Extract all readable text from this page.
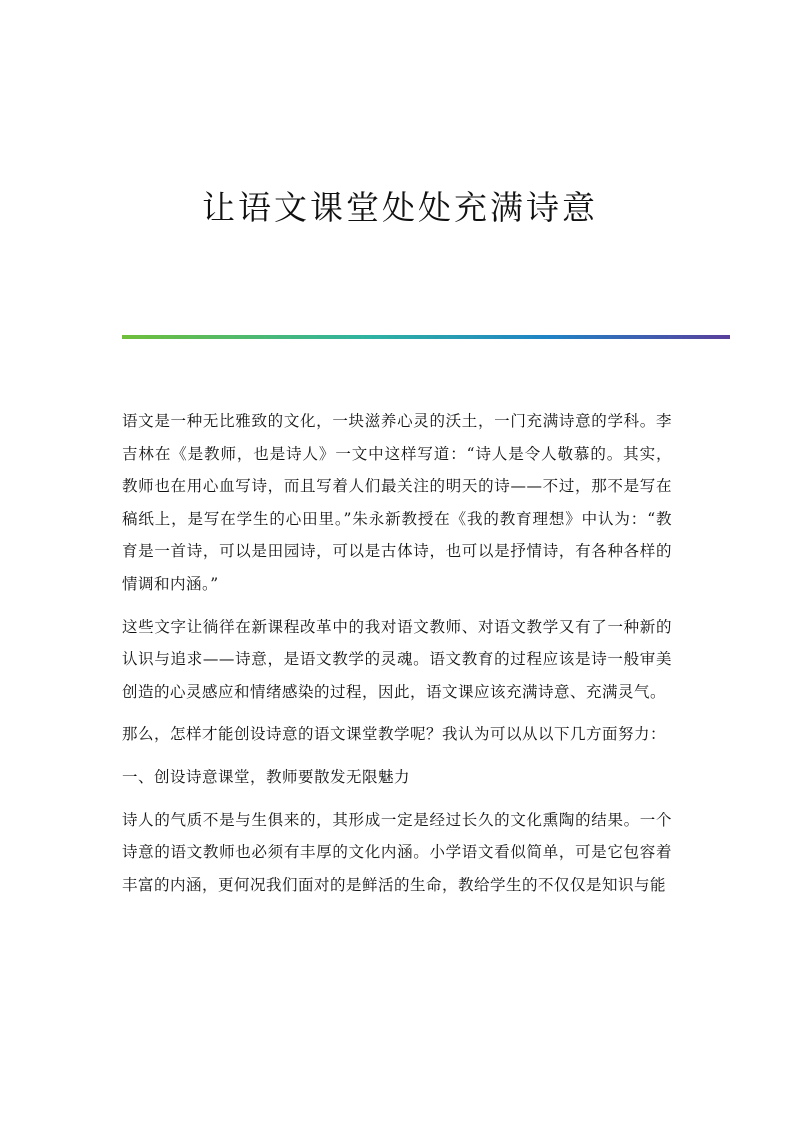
让语文课堂处处充满诗意

语文是一种无比雅致的文化，一块滋养心灵的沃土，一门充满诗意的学科。李吉林在《是教师，也是诗人》一文中这样写道：“诗人是令人敬慕的。其实，教师也在用心血写诗，而且写着人们最关注的明天的诗——不过，那不是写在稿纸上，是写在学生的心田里。”朱永新教授在《我的教育理想》中认为：“教育是一首诗，可以是田园诗，可以是古体诗，也可以是抒情诗，有各种各样的情调和内涵。”

这些文字让徜徉在新课程改革中的我对语文教师、对语文教学又有了一种新的认识与追求——诗意，是语文教学的灵魂。语文教育的过程应该是诗一般审美创造的心灵感应和情绪感染的过程，因此，语文课应该充满诗意、充满灵气。

那么，怎样才能创设诗意的语文课堂教学呢？我认为可以从以下几方面努力：

一、创设诗意课堂，教师要散发无限魅力

诗人的气质不是与生俱来的，其形成一定是经过长久的文化熏陶的结果。一个诗意的语文教师也必须有丰厚的文化内涵。小学语文看似简单，可是它包容着丰富的内涵，更何况我们面对的是鲜活的生命，教给学生的不仅仅是知识与能
